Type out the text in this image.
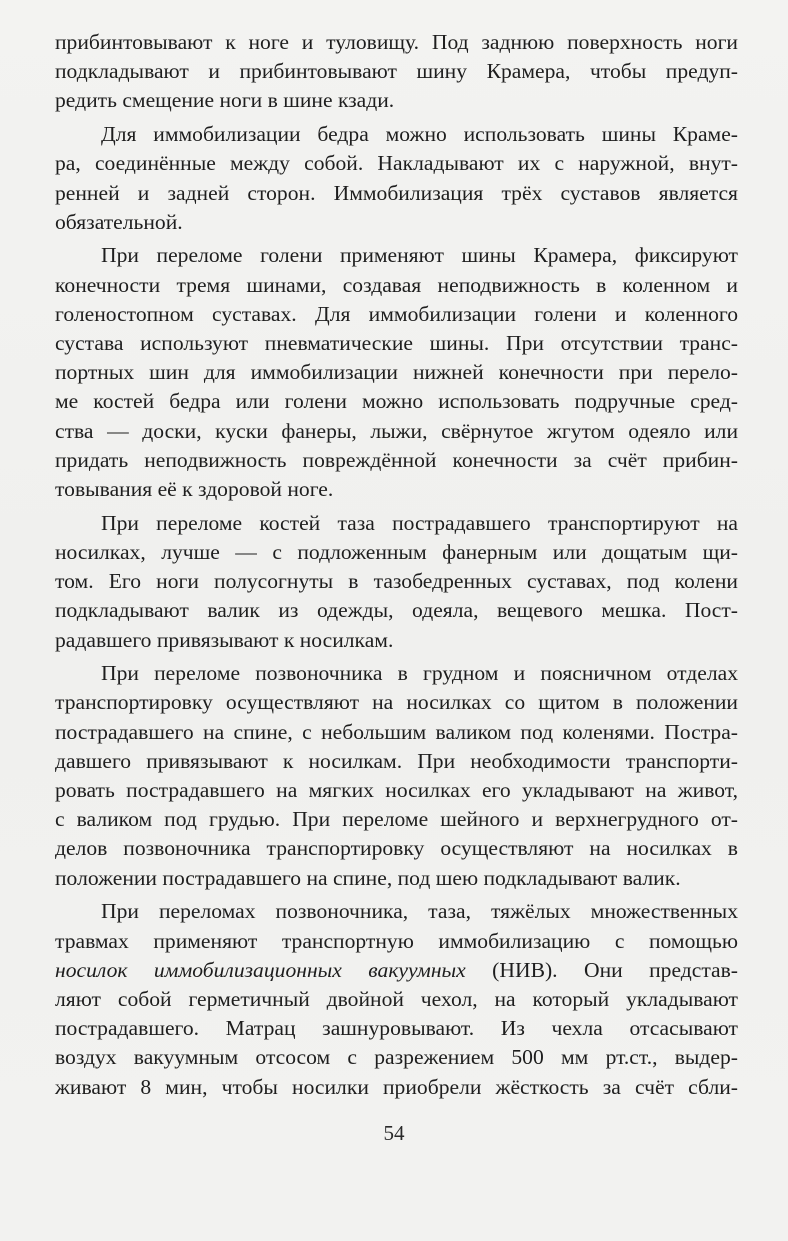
прибинтовывают к ноге и туловищу. Под заднюю поверхность ноги
подкладывают и прибинтовывают шину Крамера, чтобы предуп-
редить смещение ноги в шине кзади.

Для иммобилизации бедра можно использовать шины Краме-
ра, соединённые между собой. Накладывают их с наружной, внут-
ренней и задней сторон. Иммобилизация трёх суставов является
обязательной.

При переломе голени применяют шины Крамера, фиксируют
конечности тремя шинами, создавая неподвижность в коленном и
голеностопном суставах. Для иммобилизации голени и коленного
сустава используют пневматические шины. При отсутствии транс-
портных шин для иммобилизации нижней конечности при перело-
ме костей бедра или голени можно использовать подручные сред-
ства — доски, куски фанеры, лыжи, свёрнутое жгутом одеяло или
придать неподвижность повреждённой конечности за счёт прибин-
товывания её к здоровой ноге.

При переломе костей таза пострадавшего транспортируют на
носилках, лучше — с подложенным фанерным или дощатым щи-
том. Его ноги полусогнуты в тазобедренных суставах, под колени
подкладывают валик из одежды, одеяла, вещевого мешка. Пост-
радавшего привязывают к носилкам.

При переломе позвоночника в грудном и поясничном отделах
транспортировку осуществляют на носилках со щитом в положении
пострадавшего на спине, с небольшим валиком под коленями. Постра-
давшего привязывают к носилкам. При необходимости транспорти-
ровать пострадавшего на мягких носилках его укладывают на живот,
с валиком под грудью. При переломе шейного и верхнегрудного от-
делов позвоночника транспортировку осуществляют на носилках в
положении пострадавшего на спине, под шею подкладывают валик.

При переломах позвоночника, таза, тяжёлых множественных
травмах применяют транспортную иммобилизацию с помощью
носилок иммобилизационных вакуумных (НИВ). Они представ-
ляют собой герметичный двойной чехол, на который укладывают
пострадавшего. Матрац зашнуровывают. Из чехла отсасывают
воздух вакуумным отсосом с разрежением 500 мм рт.ст., выдер-
живают 8 мин, чтобы носилки приобрели жёсткость за счёт сбли-

54
